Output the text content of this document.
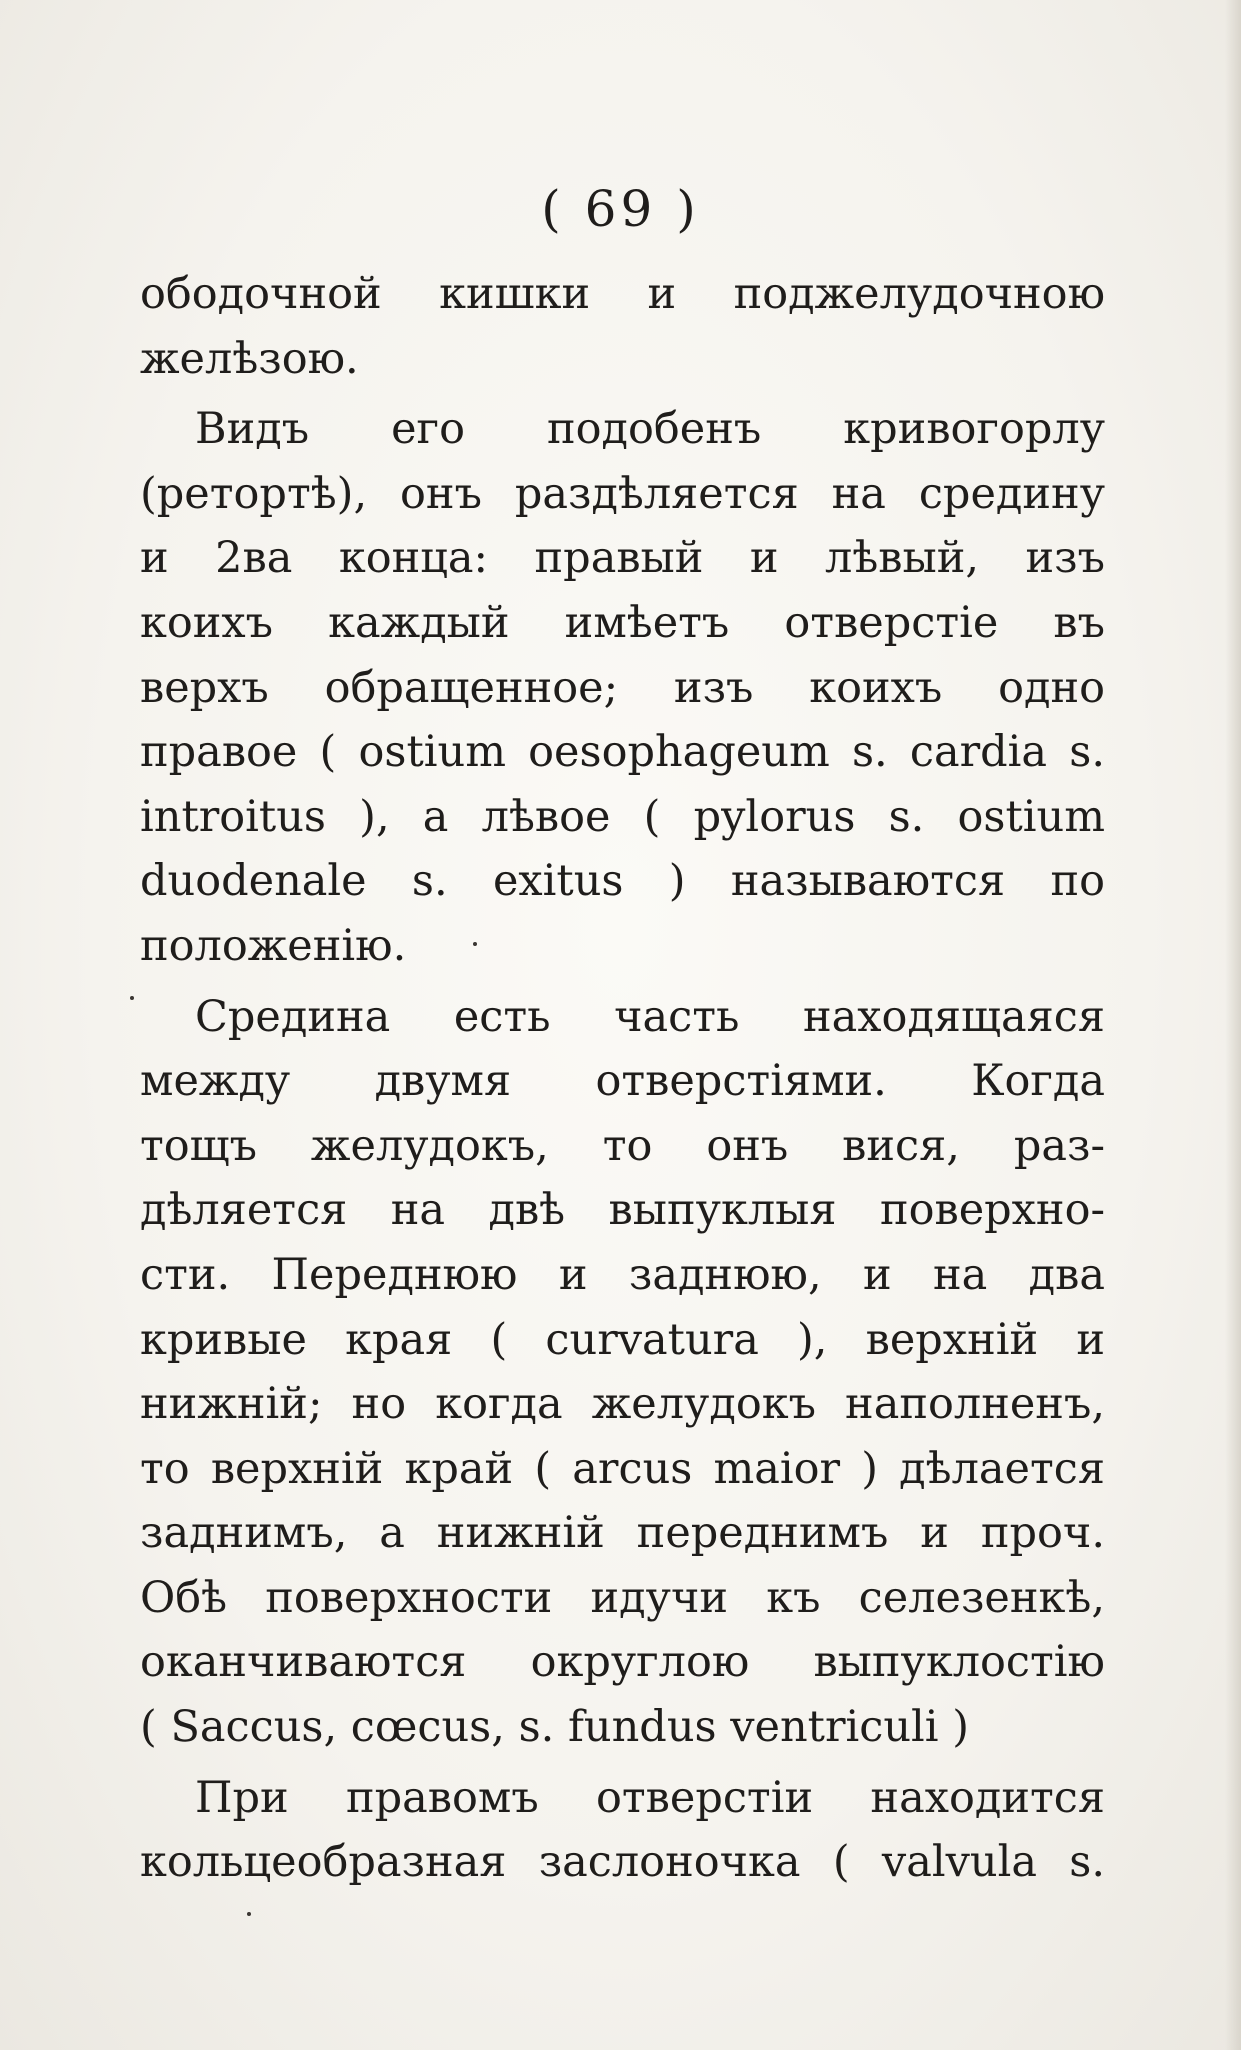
( 69 )
ободочной кишки и поджелудочною
желѣзою.
Видъ его подобенъ кривогорлу
(ретортѣ), онъ раздѣляется на средину
и 2ва конца: правый и лѣвый, изъ
коихъ каждый имѣетъ отверстiе въ
верхъ обращенное; изъ коихъ одно
правое ( ostium oesophageum s. cardia s.
introitus ), а лѣвое ( pylorus s. ostium
duodenale s. exitus ) называются по
положенiю.
Средина есть часть находящаяся
между двумя отверстiями. Когда
тощъ желудокъ, то онъ вися, раз-
дѣляется на двѣ выпуклыя поверхно-
сти. Переднюю и заднюю, и на два
кривые края ( curvatura ), верхнiй и
нижнiй; но когда желудокъ наполненъ,
то верхнiй край ( arcus maior ) дѣлается
заднимъ, а нижнiй переднимъ и проч.
Обѣ поверхности идучи къ селезенкѣ,
оканчиваются округлою выпуклостiю
( Saccus, cœcus, s. fundus ventriculi )
При правомъ отверстiи находится
кольцеобразная заслоночка ( valvula s.
